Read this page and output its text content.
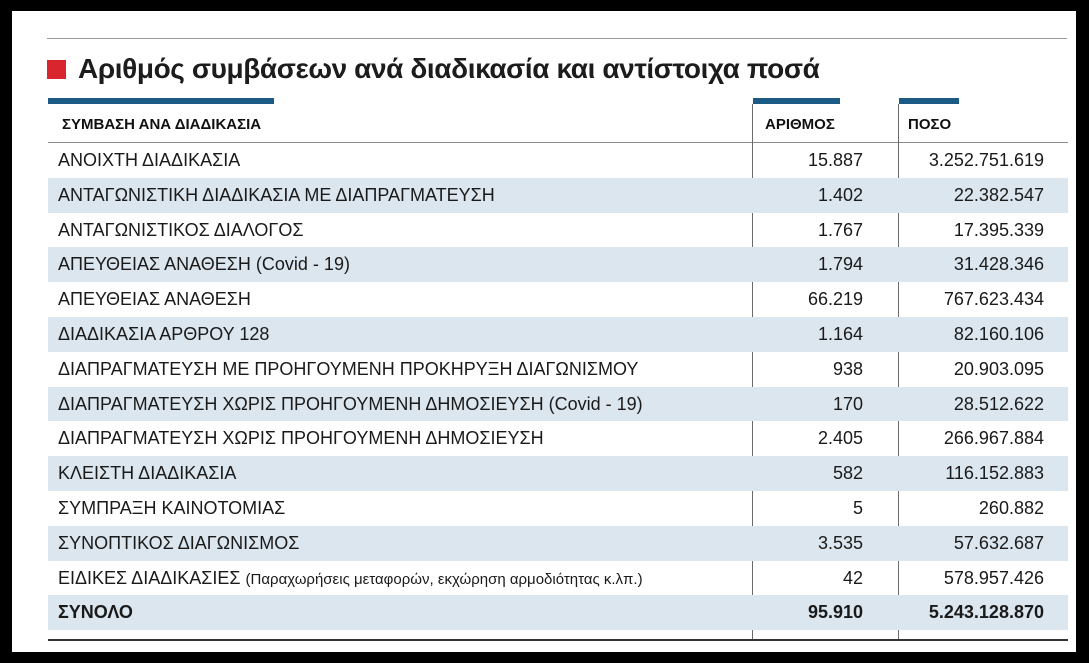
Αριθμός συμβάσεων ανά διαδικασία και αντίστοιχα ποσά
ΣΥΜΒΑΣΗ ΑΝΑ ΔΙΑΔΙΚΑΣΙΑ	ΑΡΙΘΜΟΣ	ΠΟΣΟ
ΑΝΟΙΧΤΗ ΔΙΑΔΙΚΑΣΙΑ	15.887	3.252.751.619
ΑΝΤΑΓΩΝΙΣΤΙΚΗ ΔΙΑΔΙΚΑΣΙΑ ΜΕ ΔΙΑΠΡΑΓΜΑΤΕΥΣΗ	1.402	22.382.547
ΑΝΤΑΓΩΝΙΣΤΙΚΟΣ ΔΙΑΛΟΓΟΣ	1.767	17.395.339
ΑΠΕΥΘΕΙΑΣ ΑΝΑΘΕΣΗ (Covid - 19)	1.794	31.428.346
ΑΠΕΥΘΕΙΑΣ ΑΝΑΘΕΣΗ	66.219	767.623.434
ΔΙΑΔΙΚΑΣΙΑ ΑΡΘΡΟΥ 128	1.164	82.160.106
ΔΙΑΠΡΑΓΜΑΤΕΥΣΗ ΜΕ ΠΡΟΗΓΟΥΜΕΝΗ ΠΡΟΚΗΡΥΞΗ ΔΙΑΓΩΝΙΣΜΟΥ	938	20.903.095
ΔΙΑΠΡΑΓΜΑΤΕΥΣΗ ΧΩΡΙΣ ΠΡΟΗΓΟΥΜΕΝΗ ΔΗΜΟΣΙΕΥΣΗ (Covid - 19)	170	28.512.622
ΔΙΑΠΡΑΓΜΑΤΕΥΣΗ ΧΩΡΙΣ ΠΡΟΗΓΟΥΜΕΝΗ ΔΗΜΟΣΙΕΥΣΗ	2.405	266.967.884
ΚΛΕΙΣΤΗ ΔΙΑΔΙΚΑΣΙΑ	582	116.152.883
ΣΥΜΠΡΑΞΗ ΚΑΙΝΟΤΟΜΙΑΣ	5	260.882
ΣΥΝΟΠΤΙΚΟΣ ΔΙΑΓΩΝΙΣΜΟΣ	3.535	57.632.687
ΕΙΔΙΚΕΣ ΔΙΑΔΙΚΑΣΙΕΣ (Παραχωρήσεις μεταφορών, εκχώρηση αρμοδιότητας κ.λπ.)	42	578.957.426
ΣΥΝΟΛΟ	95.910	5.243.128.870
